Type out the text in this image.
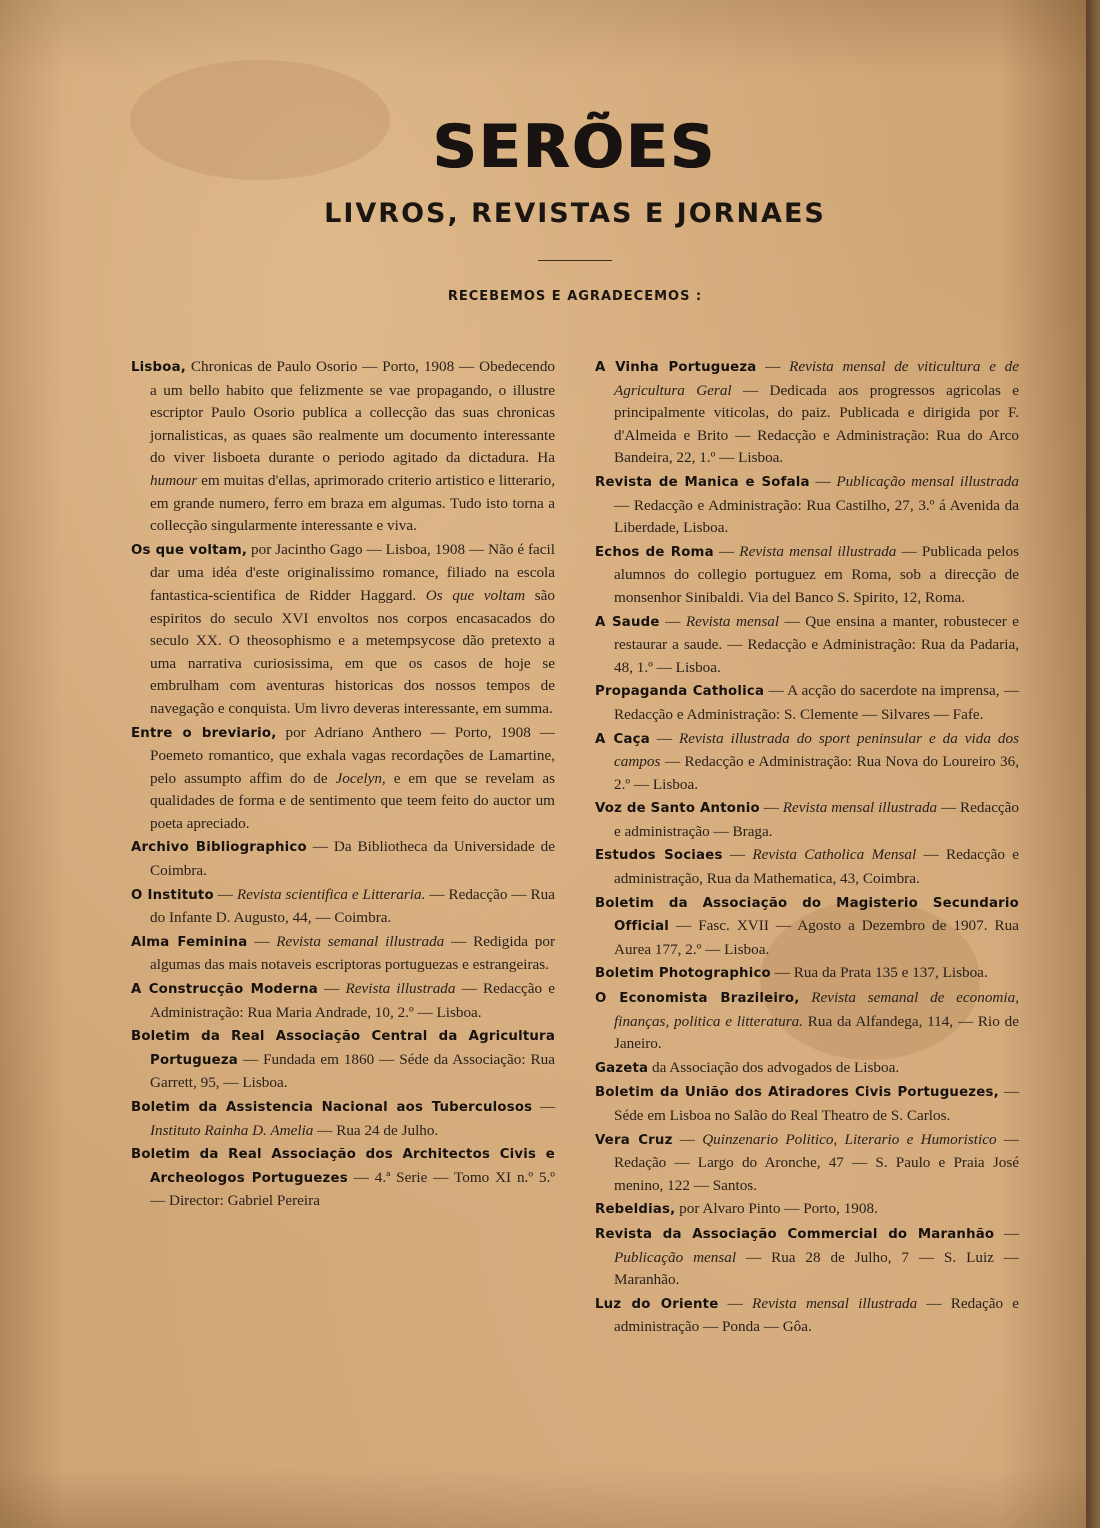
SERÕES
LIVROS, REVISTAS E JORNAES
RECEBEMOS E AGRADECEMOS :

Lisboa, Chronicas de Paulo Osorio — Porto, 1908 — Obedecendo a um bello habito que felizmente se vae propagando, o illustre escriptor Paulo Osorio publica a collecção das suas chronicas jornalisticas, as quaes são realmente um documento interessante do viver lisboeta durante o periodo agitado da dictadura. Ha humour em muitas d'ellas, aprimorado criterio artistico e litterario, em grande numero, ferro em braza em algumas. Tudo isto torna a collecção singularmente interessante e viva.

Os que voltam, por Jacintho Gago — Lisboa, 1908 — Não é facil dar uma idéa d'este originalissimo romance, filiado na escola fantastica-scientifica de Ridder Haggard. Os que voltam são espiritos do seculo XVI envoltos nos corpos encasacados do seculo XX. O theosophismo e a metempsycose dão pretexto a uma narrativa curiosissima, em que os casos de hoje se embrulham com aventuras historicas dos nossos tempos de navegação e conquista. Um livro deveras interessante, em summa.

Entre o breviario, por Adriano Anthero — Porto, 1908 — Poemeto romantico, que exhala vagas recordações de Lamartine, pelo assumpto affim do de Jocelyn, e em que se revelam as qualidades de forma e de sentimento que teem feito do auctor um poeta apreciado.

Archivo Bibliographico — Da Bibliotheca da Universidade de Coimbra.

O Instituto — Revista scientifica e Litteraria. — Redacção — Rua do Infante D. Augusto, 44, — Coimbra.

Alma Feminina — Revista semanal illustrada — Redigida por algumas das mais notaveis escriptoras portuguezas e estrangeiras.

A Construcção Moderna — Revista illustrada — Redacção e Administração: Rua Maria Andrade, 10, 2.º — Lisboa.

Boletim da Real Associação Central da Agricultura Portugueza — Fundada em 1860 — Séde da Associação: Rua Garrett, 95, — Lisboa.

Boletim da Assistencia Nacional aos Tuberculosos — Instituto Rainha D. Amelia — Rua 24 de Julho.

Boletim da Real Associação dos Architectos Civis e Archeologos Portuguezes — 4.ª Serie — Tomo XI n.º 5.º — Director: Gabriel Pereira

A Vinha Portugueza — Revista mensal de viticultura e de Agricultura Geral — Dedicada aos progressos agricolas e principalmente viticolas, do paiz. Publicada e dirigida por F. d'Almeida e Brito — Redacção e Administração: Rua do Arco Bandeira, 22, 1.º — Lisboa.

Revista de Manica e Sofala — Publicação mensal illustrada — Redacção e Administração: Rua Castilho, 27, 3.º á Avenida da Liberdade, Lisboa.

Echos de Roma — Revista mensal illustrada — Publicada pelos alumnos do collegio portuguez em Roma, sob a direcção de monsenhor Sinibaldi. Via del Banco S. Spirito, 12, Roma.

A Saude — Revista mensal — Que ensina a manter, robustecer e restaurar a saude. — Redacção e Administração: Rua da Padaria, 48, 1.º — Lisboa.

Propaganda Catholica — A acção do sacerdote na imprensa, — Redacção e Administração: S. Clemente — Silvares — Fafe.

A Caça — Revista illustrada do sport peninsular e da vida dos campos — Redacção e Administração: Rua Nova do Loureiro 36, 2.º — Lisboa.

Voz de Santo Antonio — Revista mensal illustrada — Redacção e administração — Braga.

Estudos Sociaes — Revista Catholica Mensal — Redacção e administração, Rua da Mathematica, 43, Coimbra.

Boletim da Associação do Magisterio Secundario Official — Fasc. XVII — Agosto a Dezembro de 1907. Rua Aurea 177, 2.º — Lisboa.

Boletim Photographico — Rua da Prata 135 e 137, Lisboa.

O Economista Brazileiro, Revista semanal de economia, finanças, politica e litteratura. Rua da Alfandega, 114, — Rio de Janeiro.

Gazeta da Associação dos advogados de Lisboa.

Boletim da União dos Atiradores Civis Portuguezes, — Séde em Lisboa no Salão do Real Theatro de S. Carlos.

Vera Cruz — Quinzenario Politico, Literario e Humoristico — Redação — Largo do Aronche, 47 — S. Paulo e Praia José menino, 122 — Santos.

Rebeldias, por Alvaro Pinto — Porto, 1908.

Revista da Associação Commercial do Maranhão — Publicação mensal — Rua 28 de Julho, 7 — S. Luiz — Maranhão.

Luz do Oriente — Revista mensal illustrada — Redação e administração — Ponda — Gôa.
